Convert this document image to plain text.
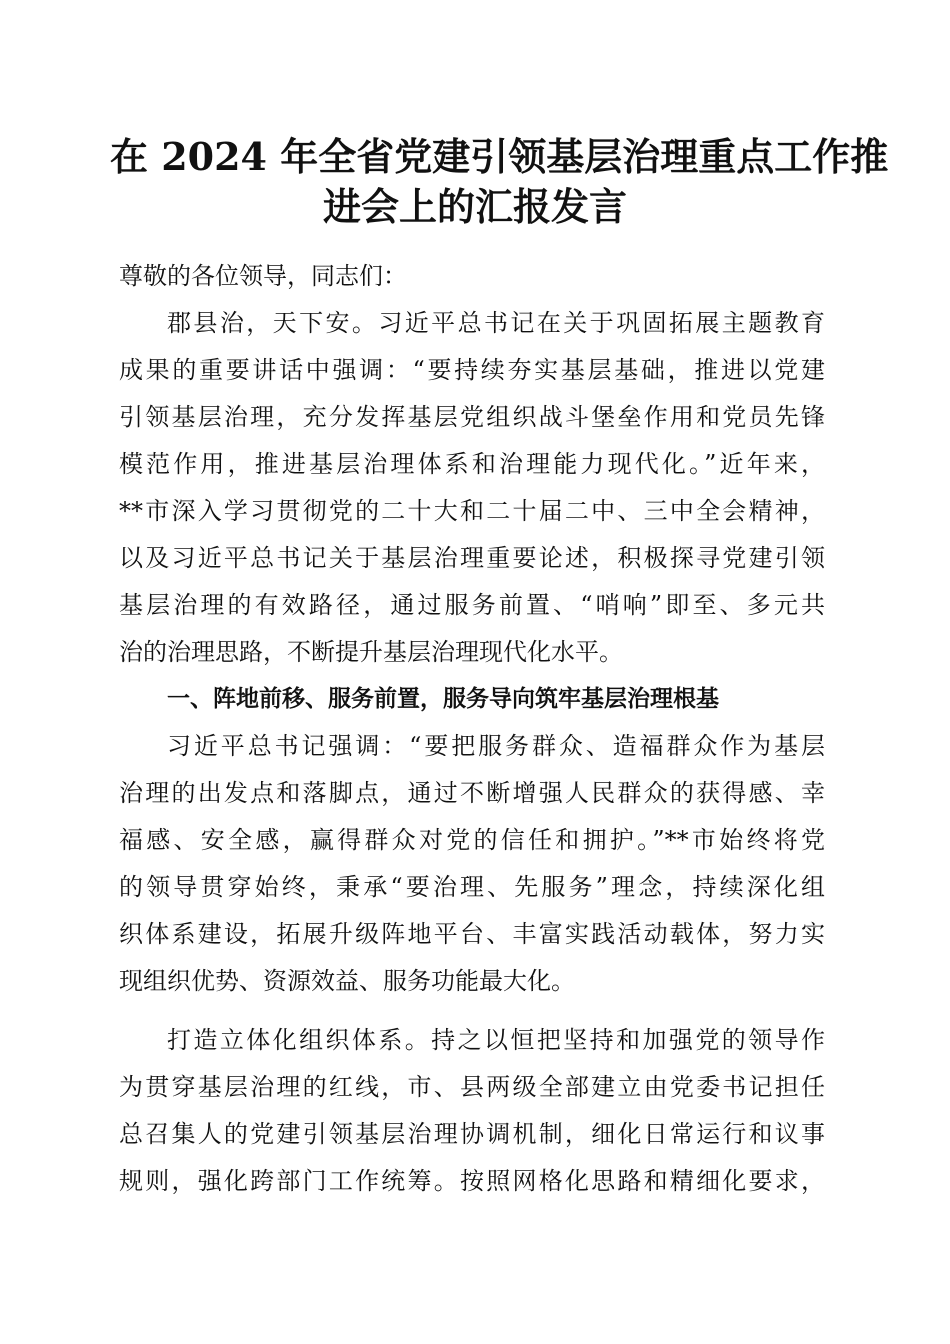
在 2024 年全省党建引领基层治理重点工作推
进会上的汇报发言
尊敬的各位领导，同志们：
郡县治，天下安。习近平总书记在关于巩固拓展主题教育
成果的重要讲话中强调：“要持续夯实基层基础，推进以党建
引领基层治理，充分发挥基层党组织战斗堡垒作用和党员先锋
模范作用，推进基层治理体系和治理能力现代化。”近年来，
**市深入学习贯彻党的二十大和二十届二中、三中全会精神，
以及习近平总书记关于基层治理重要论述，积极探寻党建引领
基层治理的有效路径，通过服务前置、“哨响”即至、多元共
治的治理思路，不断提升基层治理现代化水平。
一、阵地前移、服务前置，服务导向筑牢基层治理根基
习近平总书记强调：“要把服务群众、造福群众作为基层
治理的出发点和落脚点，通过不断增强人民群众的获得感、幸
福感、安全感，赢得群众对党的信任和拥护。”**市始终将党
的领导贯穿始终，秉承“要治理、先服务”理念，持续深化组
织体系建设，拓展升级阵地平台、丰富实践活动载体，努力实
现组织优势、资源效益、服务功能最大化。
打造立体化组织体系。持之以恒把坚持和加强党的领导作
为贯穿基层治理的红线，市、县两级全部建立由党委书记担任
总召集人的党建引领基层治理协调机制，细化日常运行和议事
规则，强化跨部门工作统筹。按照网格化思路和精细化要求，
